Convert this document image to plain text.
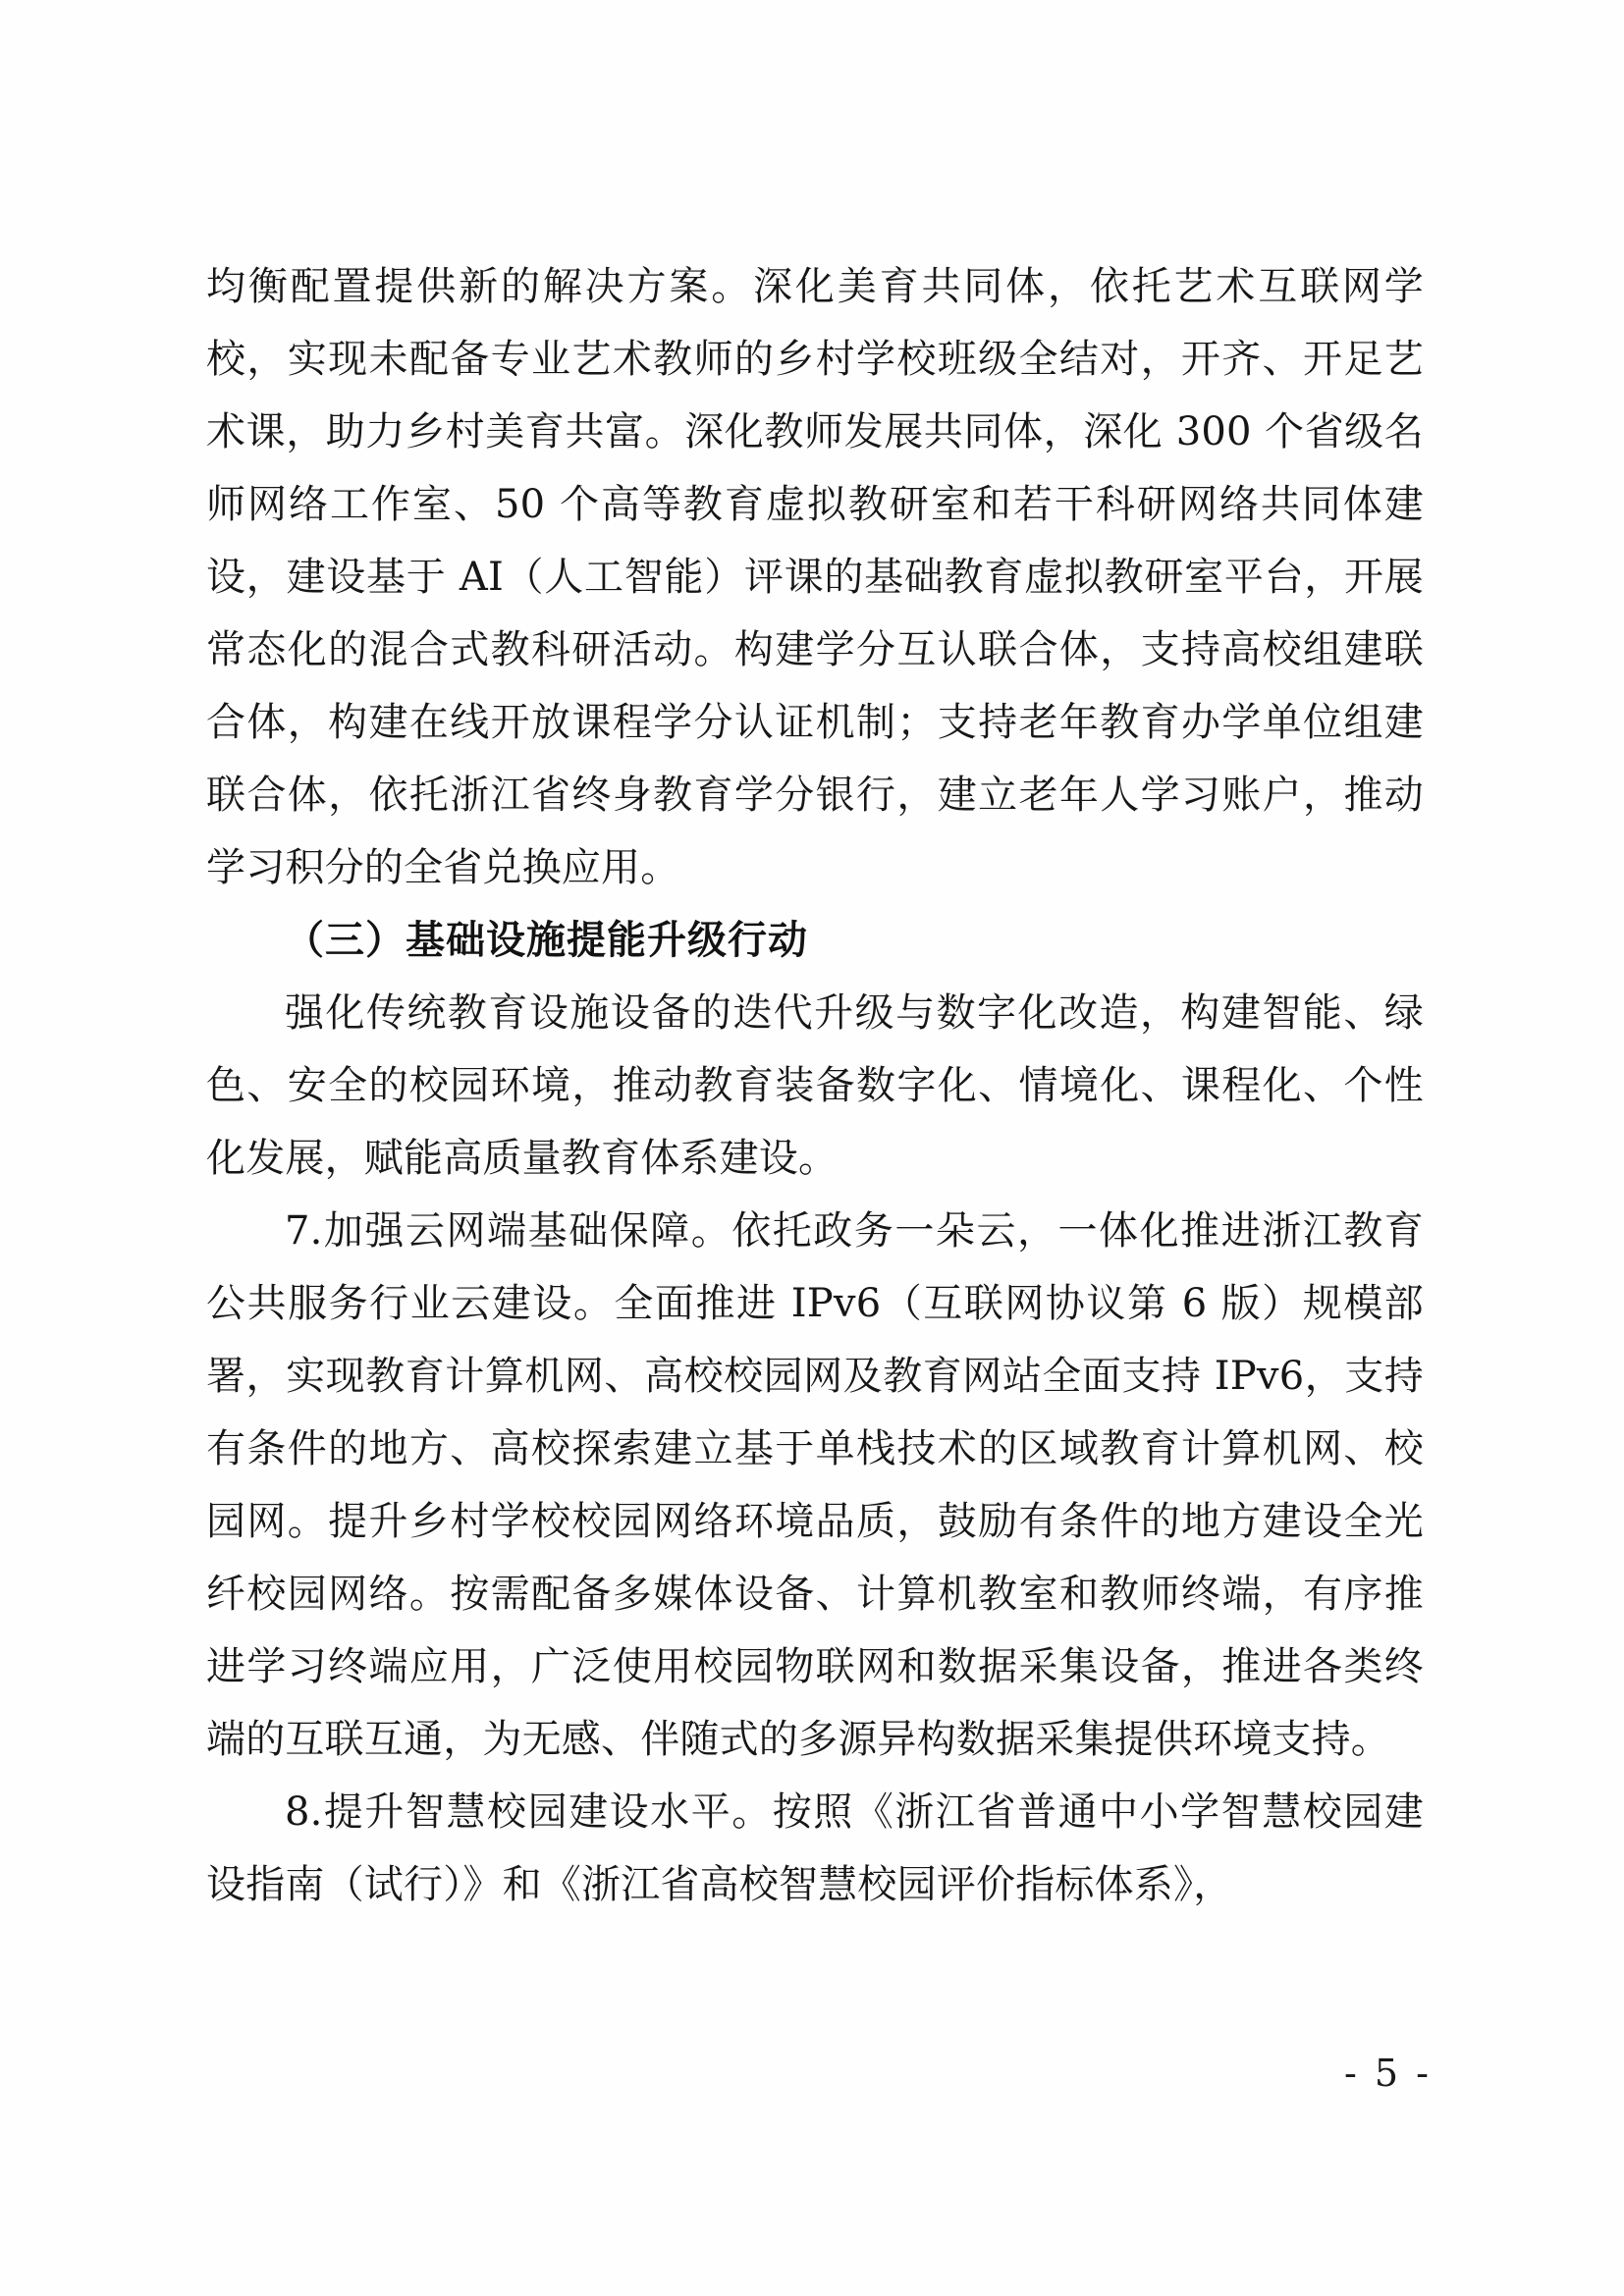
均衡配置提供新的解决方案。深化美育共同体，依托艺术互联网学校，实现未配备专业艺术教师的乡村学校班级全结对，开齐、开足艺术课，助力乡村美育共富。深化教师发展共同体，深化 300 个省级名师网络工作室、50 个高等教育虚拟教研室和若干科研网络共同体建设，建设基于 AI（人工智能）评课的基础教育虚拟教研室平台，开展常态化的混合式教科研活动。构建学分互认联合体，支持高校组建联合体，构建在线开放课程学分认证机制；支持老年教育办学单位组建联合体，依托浙江省终身教育学分银行，建立老年人学习账户，推动学习积分的全省兑换应用。

（三）基础设施提能升级行动

强化传统教育设施设备的迭代升级与数字化改造，构建智能、绿色、安全的校园环境，推动教育装备数字化、情境化、课程化、个性化发展，赋能高质量教育体系建设。

7.加强云网端基础保障。依托政务一朵云，一体化推进浙江教育公共服务行业云建设。全面推进 IPv6（互联网协议第 6 版）规模部署，实现教育计算机网、高校校园网及教育网站全面支持 IPv6，支持有条件的地方、高校探索建立基于单栈技术的区域教育计算机网、校园网。提升乡村学校校园网络环境品质，鼓励有条件的地方建设全光纤校园网络。按需配备多媒体设备、计算机教室和教师终端，有序推进学习终端应用，广泛使用校园物联网和数据采集设备，推进各类终端的互联互通，为无感、伴随式的多源异构数据采集提供环境支持。

8.提升智慧校园建设水平。按照《浙江省普通中小学智慧校园建设指南（试行）》和《浙江省高校智慧校园评价指标体系》，

- 5 -
